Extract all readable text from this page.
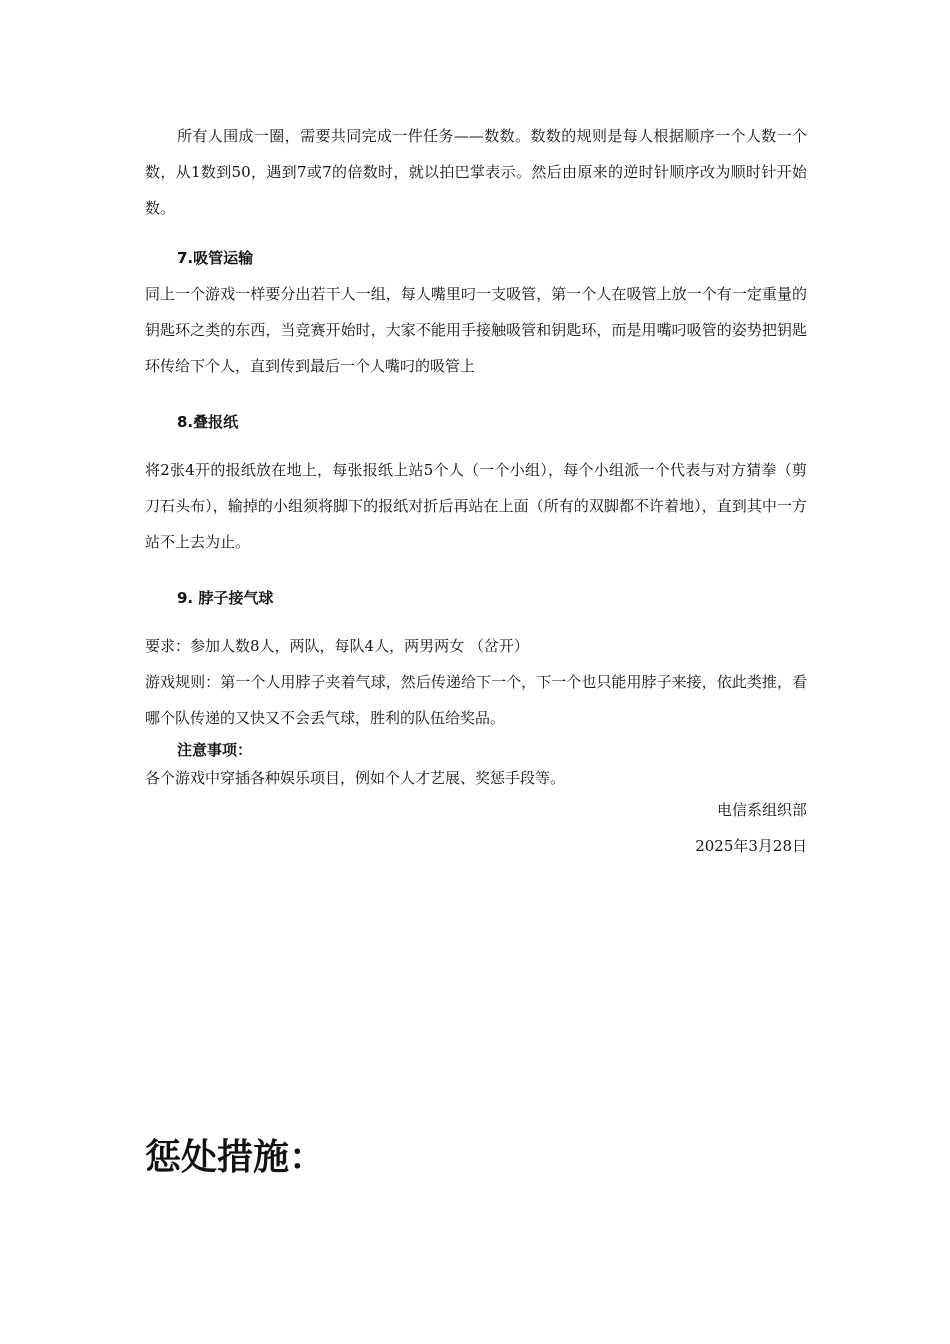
所有人围成一圈，需要共同完成一件任务——数数。数数的规则是每人根据顺序一个人数一个数，从1数到50，遇到7或7的倍数时，就以拍巴掌表示。然后由原来的逆时针顺序改为顺时针开始数。

7.吸管运输

同上一个游戏一样要分出若干人一组，每人嘴里叼一支吸管，第一个人在吸管上放一个有一定重量的钥匙环之类的东西，当竞赛开始时，大家不能用手接触吸管和钥匙环，而是用嘴叼吸管的姿势把钥匙环传给下个人，直到传到最后一个人嘴叼的吸管上

8.叠报纸

将2张4开的报纸放在地上，每张报纸上站5个人（一个小组），每个小组派一个代表与对方猜拳（剪刀石头布），输掉的小组须将脚下的报纸对折后再站在上面（所有的双脚都不许着地），直到其中一方站不上去为止。

9. 脖子接气球

要求：参加人数8人，两队，每队4人，两男两女 （岔开）

游戏规则：第一个人用脖子夹着气球，然后传递给下一个，下一个也只能用脖子来接，依此类推，看哪个队传递的又快又不会丢气球，胜利的队伍给奖品。

注意事项：

各个游戏中穿插各种娱乐项目，例如个人才艺展、奖惩手段等。

电信系组织部

2025年3月28日

惩处措施：
